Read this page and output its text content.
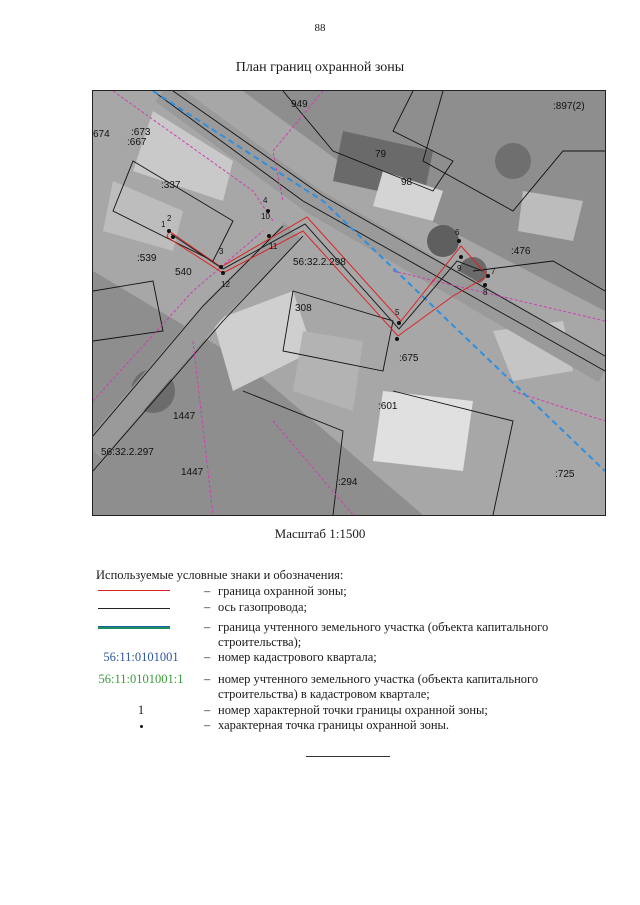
88
План границ охранной зоны
949	:897(2)
674 :673
:667
79
:337	98
:476
:539
540
56:32.2.298
308
:675
1447
:601
56:32.2.297
1447
:294
:725
1
2
3
4
5
6
7
8
9
10
11
12
Масштаб 1:1500
Используемые условные знаки и обозначения:
– граница охранной зоны;
– ось газопровода;
– граница учтенного земельного участка (объекта капитального строительства);
56:11:0101001	– номер кадастрового квартала;
56:11:0101001:1 – номер учтенного земельного участка (объекта капитального строительства) в кадастровом квартале;
1	– номер характерной точки границы охранной зоны;
– характерная точка границы охранной зоны.
